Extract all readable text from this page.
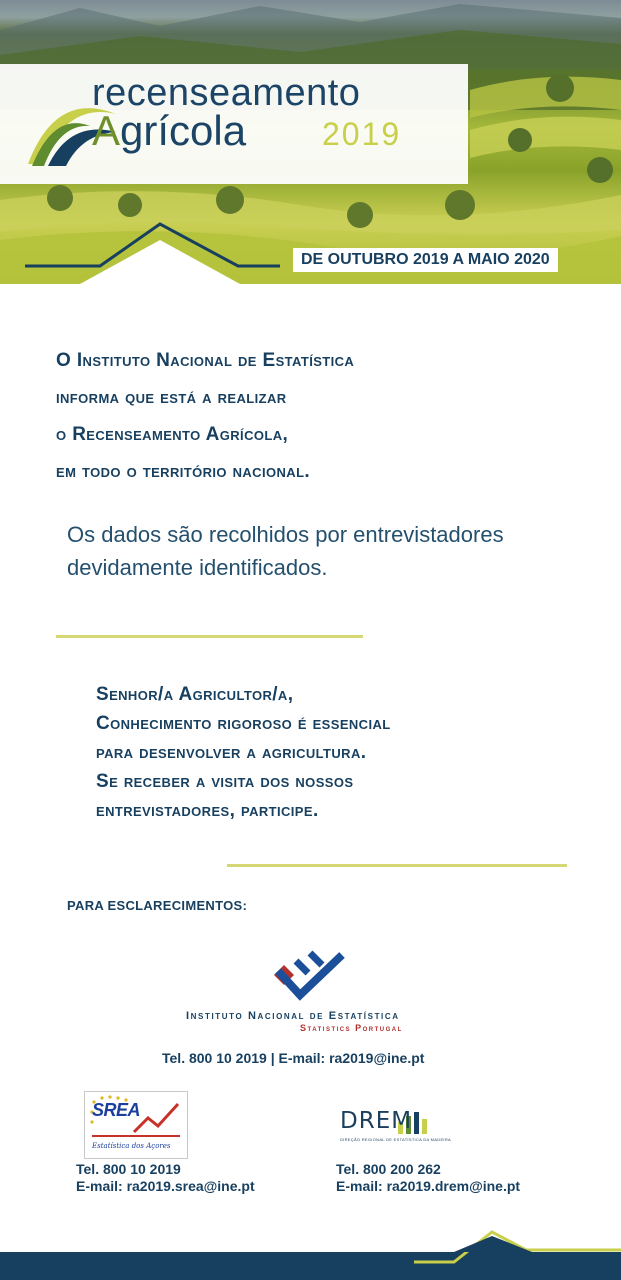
recenseamento
Agrícola 2019
DE OUTUBRO 2019 A MAIO 2020
O Instituto Nacional de Estatística
informa que está a realizar
o Recenseamento Agrícola,
em todo o território nacional.
Os dados são recolhidos por entrevistadores
devidamente identificados.
Senhor/a Agricultor/a,
Conhecimento rigoroso é essencial
para desenvolver a agricultura.
Se receber a visita dos nossos
entrevistadores, participe.
PARA ESCLARECIMENTOS:
Instituto Nacional de Estatística
Statistics Portugal
Tel. 800 10 2019 | E-mail: ra2019@ine.pt
SREA
Estatística dos Açores
DREM
DIREÇÃO REGIONAL DE ESTATÍSTICA DA MADEIRA
Tel. 800 10 2019
E-mail: ra2019.srea@ine.pt
Tel. 800 200 262
E-mail: ra2019.drem@ine.pt
